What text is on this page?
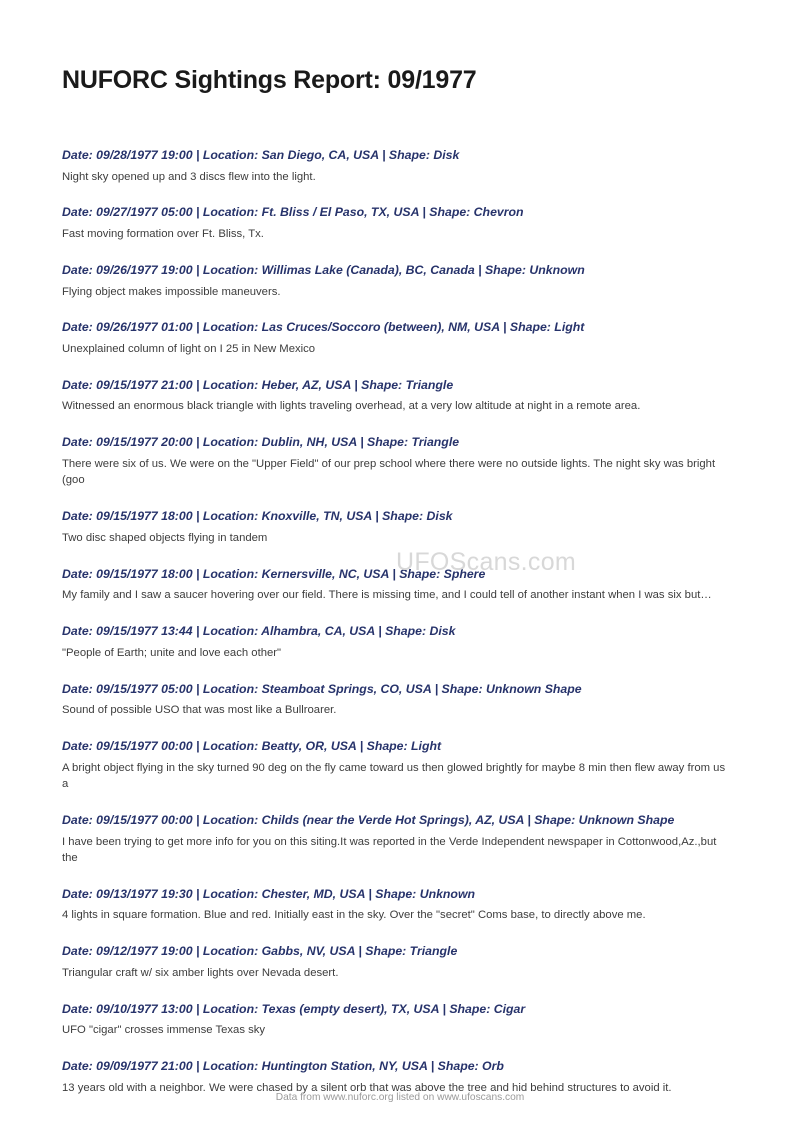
NUFORC Sightings Report: 09/1977
Date: 09/28/1977 19:00 | Location: San Diego, CA, USA | Shape: Disk
Night sky opened up and 3 discs flew into the light.
Date: 09/27/1977 05:00 | Location: Ft. Bliss / El Paso, TX, USA | Shape: Chevron
Fast moving formation over Ft. Bliss, Tx.
Date: 09/26/1977 19:00 | Location: Willimas Lake (Canada), BC, Canada | Shape: Unknown
Flying object makes impossible maneuvers.
Date: 09/26/1977 01:00 | Location: Las Cruces/Soccoro (between), NM, USA | Shape: Light
Unexplained column of light on I 25 in New Mexico
Date: 09/15/1977 21:00 | Location: Heber, AZ, USA | Shape: Triangle
Witnessed an enormous black triangle with lights traveling overhead, at a very low altitude at night in a remote area.
Date: 09/15/1977 20:00 | Location: Dublin, NH, USA | Shape: Triangle
There were six of us. We were on the "Upper Field" of our prep school where there were no outside lights. The night sky was bright (goo
Date: 09/15/1977 18:00 | Location: Knoxville, TN, USA | Shape: Disk
Two disc shaped objects flying in tandem
Date: 09/15/1977 18:00 | Location: Kernersville, NC, USA | Shape: Sphere
My family and I saw a saucer hovering over our field. There is missing time, and I could tell of another instant when I was six but…
Date: 09/15/1977 13:44 | Location: Alhambra, CA, USA | Shape: Disk
"People of Earth; unite and love each other"
Date: 09/15/1977 05:00 | Location: Steamboat Springs, CO, USA | Shape: Unknown Shape
Sound of possible USO that was most like a Bullroarer.
Date: 09/15/1977 00:00 | Location: Beatty, OR, USA | Shape: Light
A bright object flying in the sky turned 90 deg on the fly came toward us then glowed brightly for maybe 8 min then flew away from us a
Date: 09/15/1977 00:00 | Location: Childs (near the Verde Hot Springs), AZ, USA | Shape: Unknown Shape
I have been trying to get more info for you on this siting.It was reported in the Verde Independent newspaper in Cottonwood,Az.,but the
Date: 09/13/1977 19:30 | Location: Chester, MD, USA | Shape: Unknown
4 lights in square formation. Blue and red. Initially east in the sky. Over the "secret" Coms base, to directly above me.
Date: 09/12/1977 19:00 | Location: Gabbs, NV, USA | Shape: Triangle
Triangular craft w/ six amber lights over Nevada desert.
Date: 09/10/1977 13:00 | Location: Texas (empty desert), TX, USA | Shape: Cigar
UFO "cigar" crosses immense Texas sky
Date: 09/09/1977 21:00 | Location: Huntington Station, NY, USA | Shape: Orb
13 years old with a neighbor. We were chased by a silent orb that was above the tree and hid behind structures to avoid it.
UFOScans.com
Data from www.nuforc.org listed on www.ufoscans.com
